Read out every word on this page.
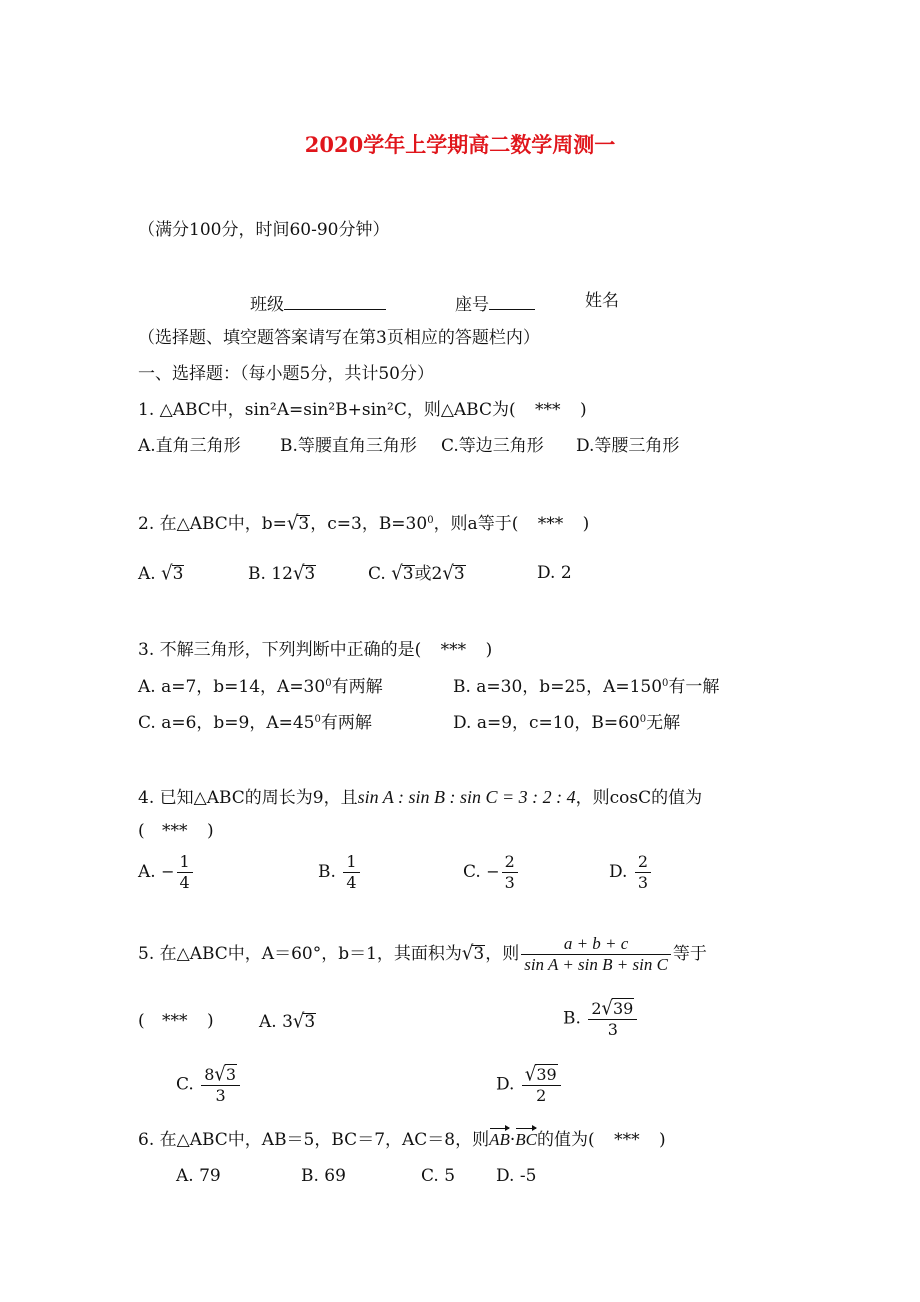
2020学年上学期高二数学周测一
（满分100分，时间60-90分钟）
班级	座号	姓名
（选择题、填空题答案请写在第3页相应的答题栏内）
一、选择题：（每小题5分，共计50分）
1. △ABC中，sin²A=sin²B+sin²C，则△ABC为( *** )
A.直角三角形 B.等腰直角三角形 C.等边三角形 D.等腰三角形
2. 在△ABC中，b=√3，c=3，$B=30^0$，则a等于( *** )
A. √3	B. 12√3	C. √3或2√3	D. 2
3. 不解三角形，下列判断中正确的是( *** )
A. a=7，b=14，$A=30^0$有两解	B. a=30，b=25，$A=150^0$有一解
C. a=6，b=9，$A=45^0$有两解	D. a=9，c=10，$B=60^0$无解
4. 已知△ABC的周长为9，且sin A : sin B : sin C = 3 : 2 : 4，则cosC的值为
( *** )
A. − $\frac{1}{4}$	B. $\frac{1}{4}$	C. − $\frac{2}{3}$	D. $\frac{2}{3}$
5. 在△ABC中，A＝60°，b＝1，其面积为√3，则 $\frac{a + b + c}{\text{sin A + sin B + sin C}}$ 等于
( *** )	A. 3√3	B. $\frac{2√39}{3}$
C. $\frac{8√3}{3}$	D. $\frac{√39}{2}$
6. 在△ABC中，AB＝5，BC＝7，AC＝8，则AB·BC的值为( *** )
A. 79	B. 69	C. 5 D. -5
